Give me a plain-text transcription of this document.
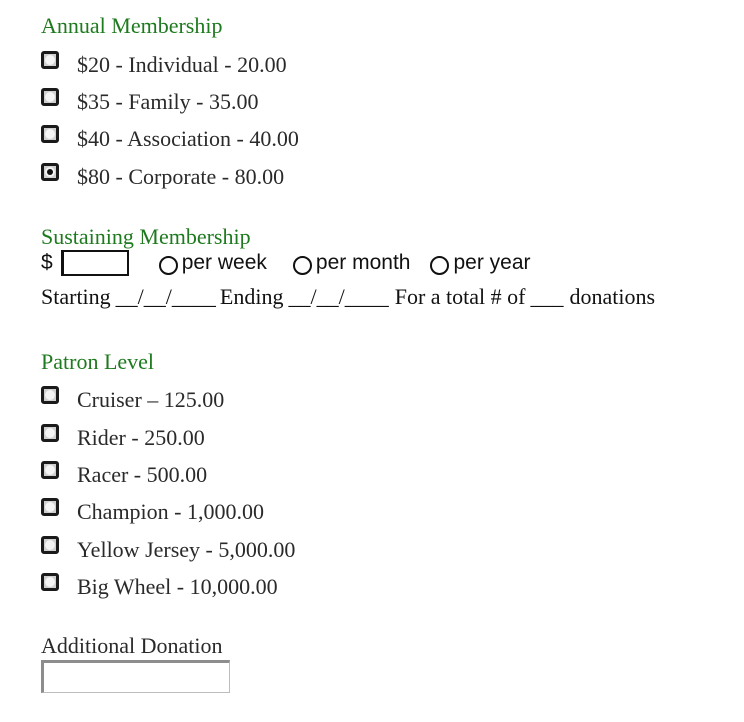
Annual Membership
$20 - Individual - 20.00
$35 - Family - 35.00
$40 - Association - 40.00
$80 - Corporate - 80.00
Sustaining Membership
$	per week per month per year
Starting __/__/____ Ending __/__/____ For a total # of ___ donations
Patron Level
Cruiser – 125.00
Rider - 250.00
Racer - 500.00
Champion - 1,000.00
Yellow Jersey - 5,000.00
Big Wheel - 10,000.00
Additional Donation
